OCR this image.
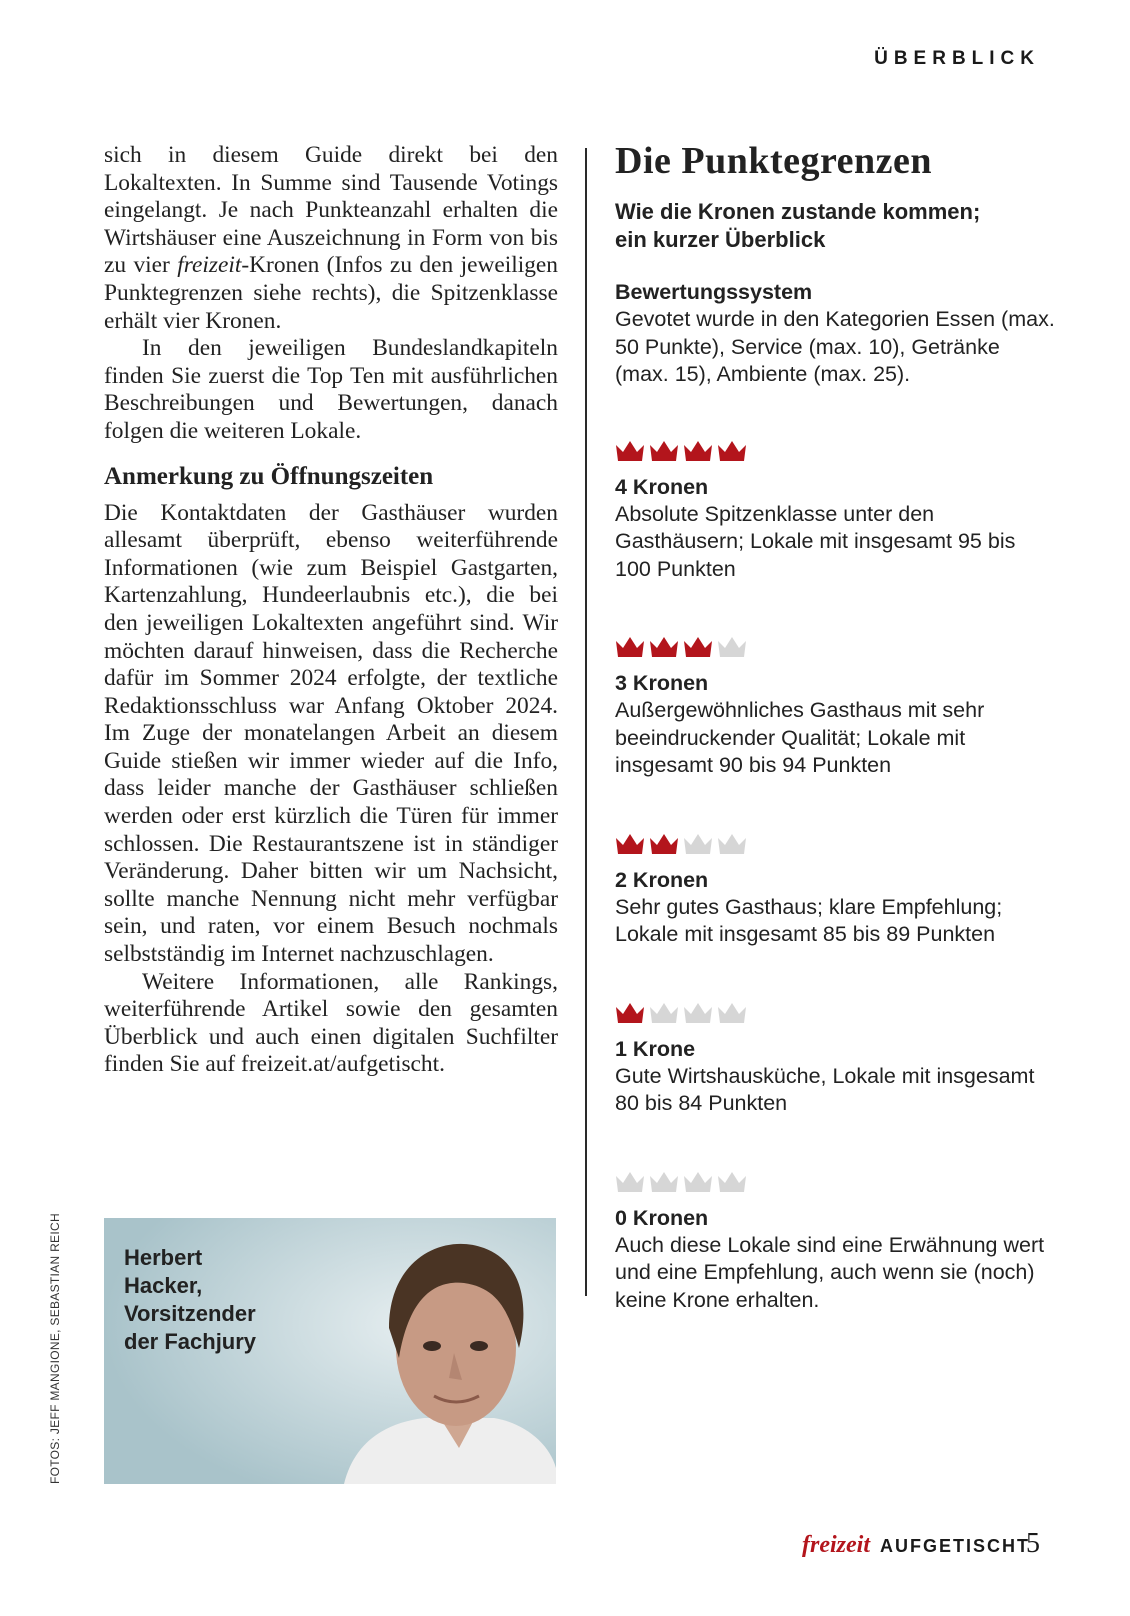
ÜBERBLICK

sich in diesem Guide direkt bei den Lokaltexten. In Summe sind Tausende Votings eingelangt. Je nach Punkteanzahl erhalten die Wirtshäuser eine Auszeichnung in Form von bis zu vier freizeit-Kronen (Infos zu den jeweiligen Punktegrenzen siehe rechts), die Spitzenklasse erhält vier Kronen.

In den jeweiligen Bundeslandkapiteln finden Sie zuerst die Top Ten mit ausführlichen Beschreibungen und Bewertungen, danach folgen die weiteren Lokale.

Anmerkung zu Öffnungszeiten

Die Kontaktdaten der Gasthäuser wurden allesamt überprüft, ebenso weiterführende Informationen (wie zum Beispiel Gastgarten, Kartenzahlung, Hundeerlaubnis etc.), die bei den jeweiligen Lokaltexten angeführt sind. Wir möchten darauf hinweisen, dass die Recherche dafür im Sommer 2024 erfolgte, der textliche Redaktionsschluss war Anfang Oktober 2024. Im Zuge der monatelangen Arbeit an diesem Guide stießen wir immer wieder auf die Info, dass leider manche der Gasthäuser schließen werden oder erst kürzlich die Türen für immer schlossen. Die Restaurantszene ist in ständiger Veränderung. Daher bitten wir um Nachsicht, sollte manche Nennung nicht mehr verfügbar sein, und raten, vor einem Besuch nochmals selbstständig im Internet nachzuschlagen.

Weitere Informationen, alle Rankings, weiterführende Artikel sowie den gesamten Überblick und auch einen digitalen Suchfilter finden Sie auf freizeit.at/aufgetischt.

Die Punktegrenzen

Wie die Kronen zustande kommen;
ein kurzer Überblick

Bewertungssystem

Gevotet wurde in den Kategorien Essen (max. 50 Punkte), Service (max. 10), Getränke (max. 15), Ambiente (max. 25).

4 Kronen

Absolute Spitzenklasse unter den Gasthäusern; Lokale mit insgesamt 95 bis 100 Punkten

3 Kronen

Außergewöhnliches Gasthaus mit sehr beeindruckender Qualität; Lokale mit insgesamt 90 bis 94 Punkten

2 Kronen

Sehr gutes Gasthaus; klare Empfehlung; Lokale mit insgesamt 85 bis 89 Punkten

1 Krone

Gute Wirtshausküche, Lokale mit insgesamt 80 bis 84 Punkten

0 Kronen

Auch diese Lokale sind eine Erwähnung wert und eine Empfehlung, auch wenn sie (noch) keine Krone erhalten.

Herbert
Hacker,
Vorsitzender
der Fachjury
FOTOS: JEFF MANGIONE, SEBASTIAN REICH
freizeit AUFGETISCHT
5
